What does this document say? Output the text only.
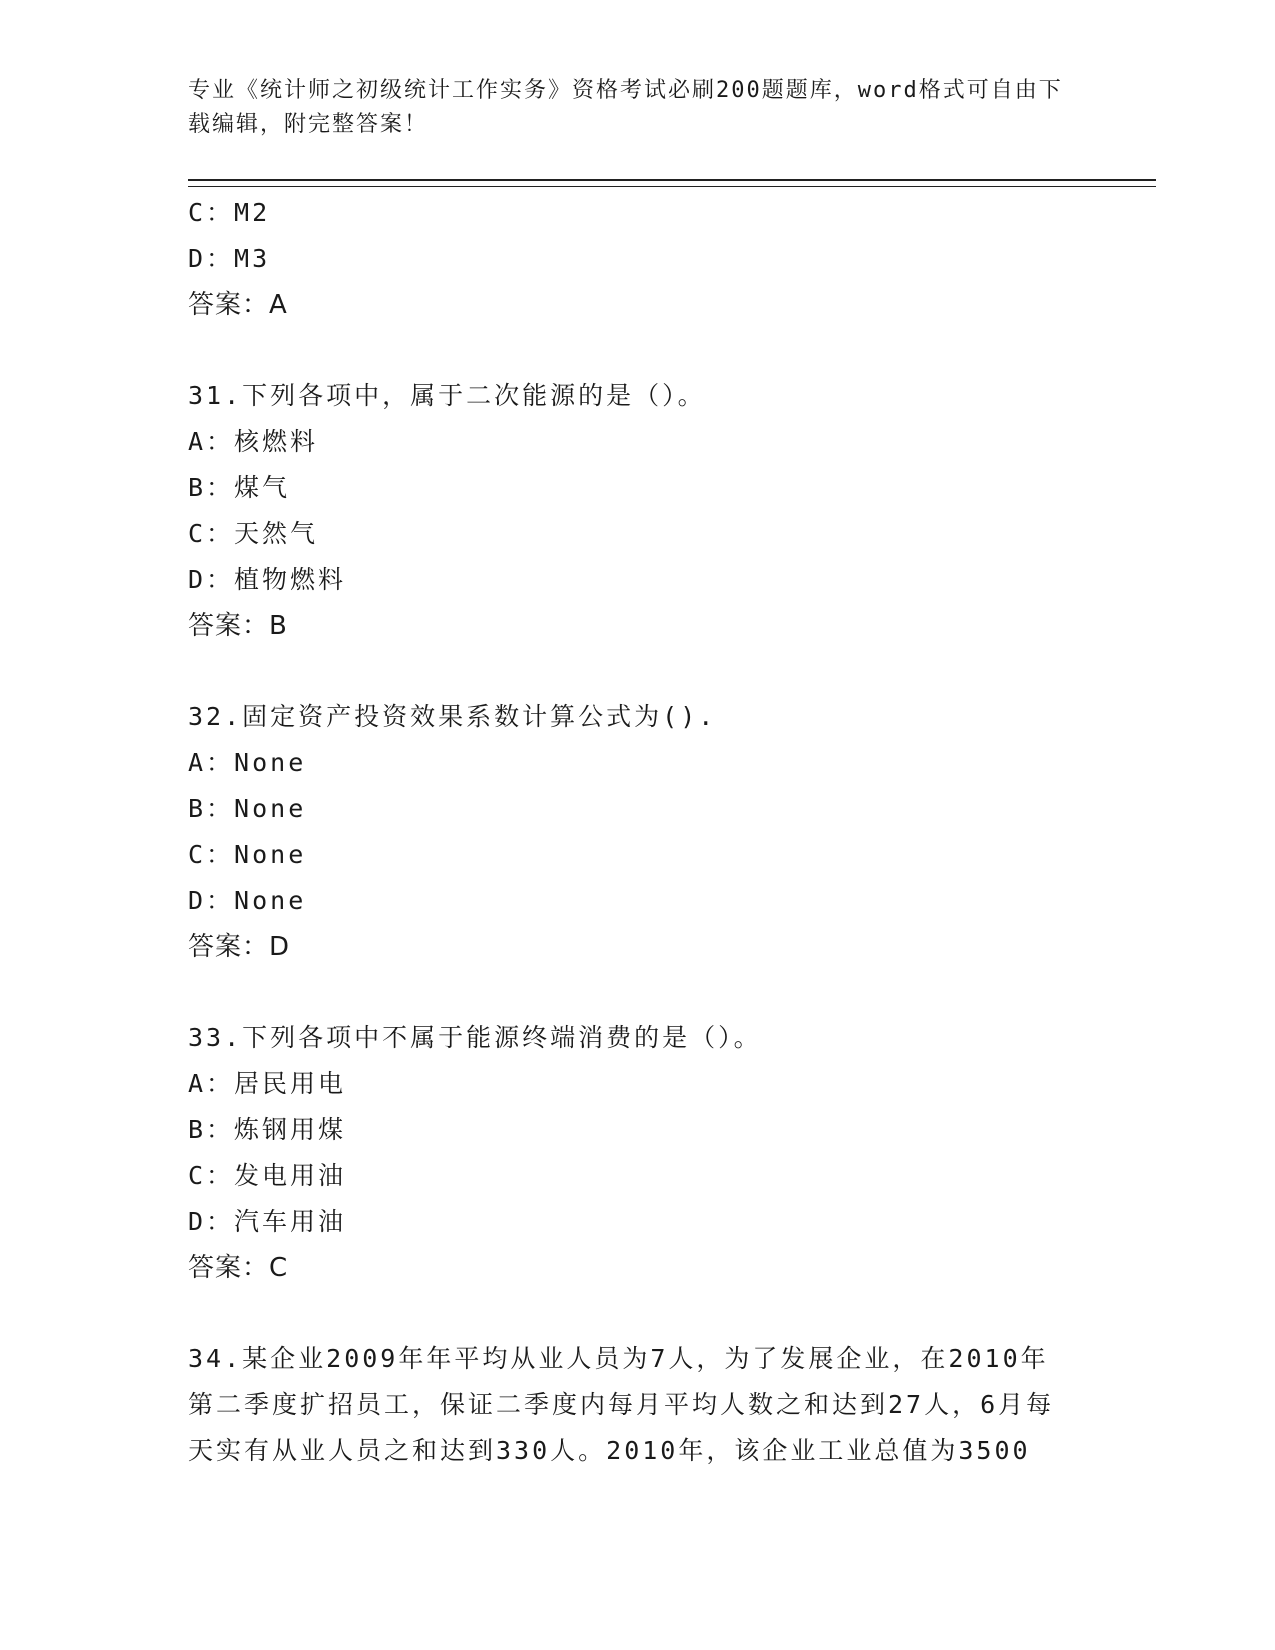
专业《统计师之初级统计工作实务》资格考试必刷200题题库，word格式可自由下载编辑，附完整答案！
C：M2
D：M3
答案：A
31.下列各项中，属于二次能源的是（）。
A：核燃料
B：煤气
C：天然气
D：植物燃料
答案：B
32.固定资产投资效果系数计算公式为().
A：None
B：None
C：None
D：None
答案：D
33.下列各项中不属于能源终端消费的是（）。
A：居民用电
B：炼钢用煤
C：发电用油
D：汽车用油
答案：C
34.某企业2009年年平均从业人员为7人，为了发展企业，在2010年第二季度扩招员工，保证二季度内每月平均人数之和达到27人，6月每天实有从业人员之和达到330人。2010年，该企业工业总值为3500
